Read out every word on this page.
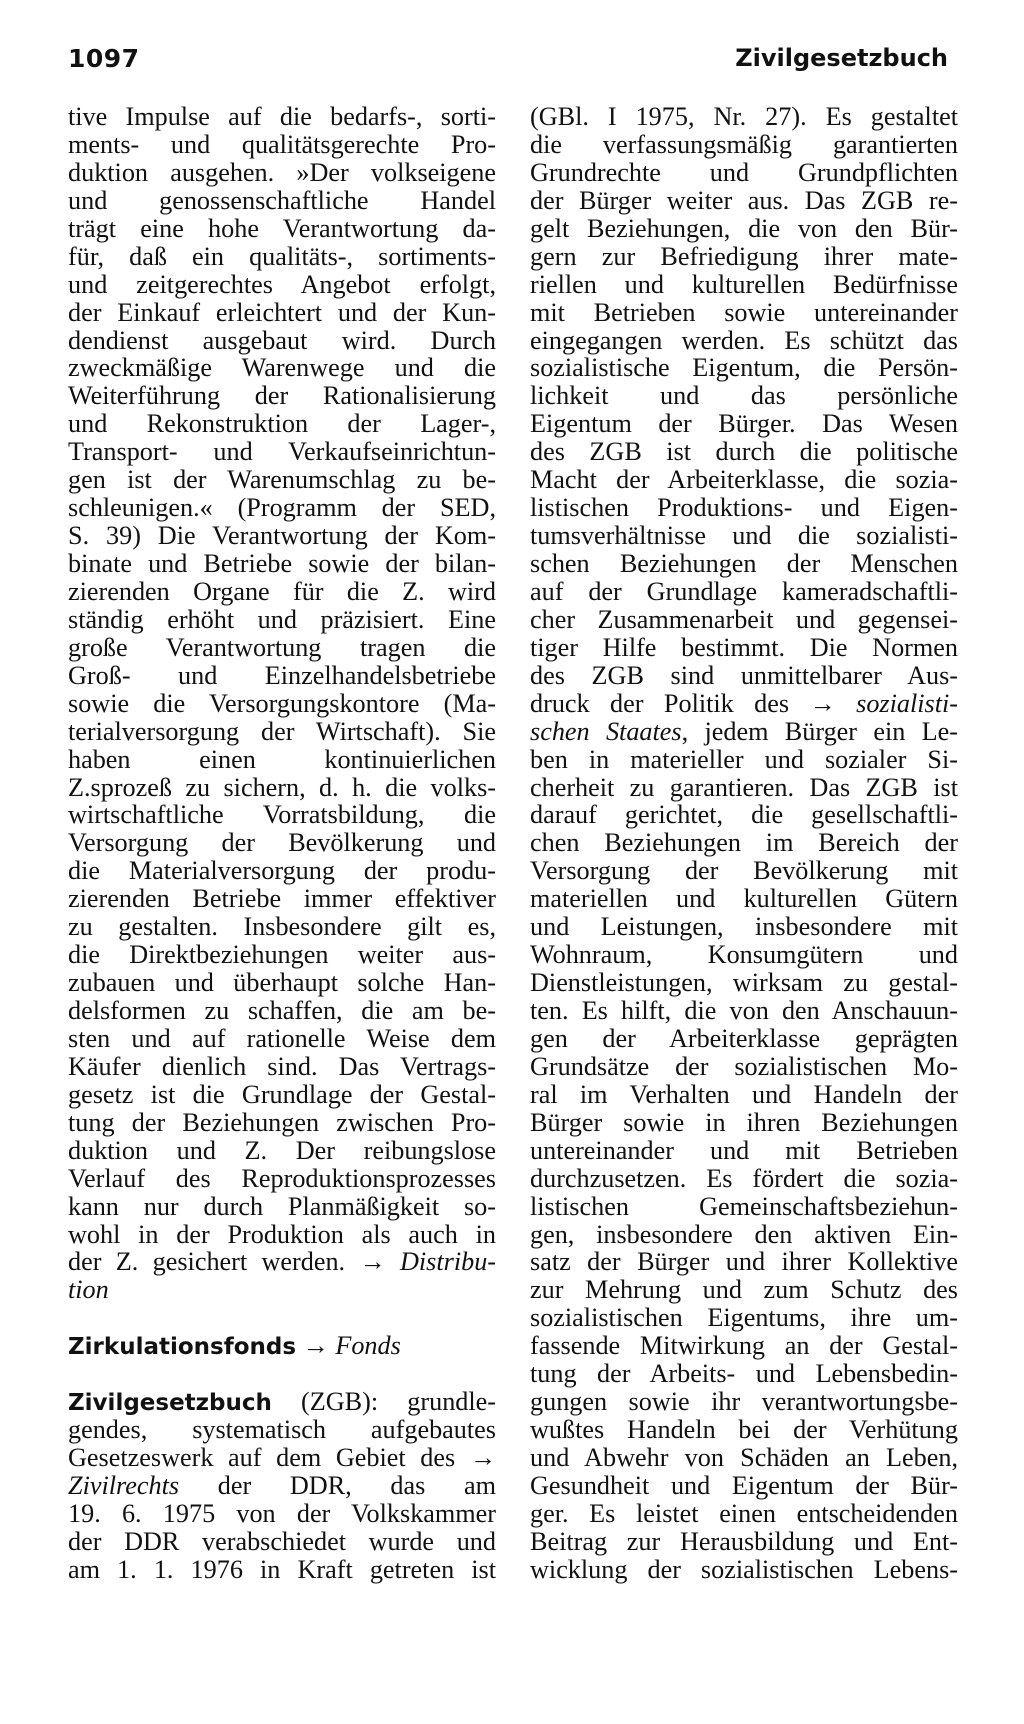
1097	Zivilgesetzbuch
tive Impulse auf die bedarfs-, sorti-
ments- und qualitätsgerechte Pro-
duktion ausgehen. »Der volkseigene
und genossenschaftliche Handel
trägt eine hohe Verantwortung da-
für, daß ein qualitäts-, sortiments-
und zeitgerechtes Angebot erfolgt,
der Einkauf erleichtert und der Kun-
dendienst ausgebaut wird. Durch
zweckmäßige Warenwege und die
Weiterführung der Rationalisierung
und Rekonstruktion der Lager-,
Transport- und Verkaufseinrichtun-
gen ist der Warenumschlag zu be-
schleunigen.« (Programm der SED,
S. 39) Die Verantwortung der Kom-
binate und Betriebe sowie der bilan-
zierenden Organe für die Z. wird
ständig erhöht und präzisiert. Eine
große Verantwortung tragen die
Groß- und Einzelhandelsbetriebe
sowie die Versorgungskontore (Ma-
terialversorgung der Wirtschaft). Sie
haben einen kontinuierlichen
Z.sprozeß zu sichern, d. h. die volks-
wirtschaftliche Vorratsbildung, die
Versorgung der Bevölkerung und
die Materialversorgung der produ-
zierenden Betriebe immer effektiver
zu gestalten. Insbesondere gilt es,
die Direktbeziehungen weiter aus-
zubauen und überhaupt solche Han-
delsformen zu schaffen, die am be-
sten und auf rationelle Weise dem
Käufer dienlich sind. Das Vertrags-
gesetz ist die Grundlage der Gestal-
tung der Beziehungen zwischen Pro-
duktion und Z. Der reibungslose
Verlauf des Reproduktionsprozesses
kann nur durch Planmäßigkeit so-
wohl in der Produktion als auch in
der Z. gesichert werden. → Distribu-
tion
Zirkulationsfonds → Fonds
Zivilgesetzbuch (ZGB): grundle-
gendes, systematisch aufgebautes
Gesetzeswerk auf dem Gebiet des →
Zivilrechts der DDR, das am
19. 6. 1975 von der Volkskammer
der DDR verabschiedet wurde und
am 1. 1. 1976 in Kraft getreten ist
(GBl. I 1975, Nr. 27). Es gestaltet
die verfassungsmäßig garantierten
Grundrechte und Grundpflichten
der Bürger weiter aus. Das ZGB re-
gelt Beziehungen, die von den Bür-
gern zur Befriedigung ihrer mate-
riellen und kulturellen Bedürfnisse
mit Betrieben sowie untereinander
eingegangen werden. Es schützt das
sozialistische Eigentum, die Persön-
lichkeit und das persönliche
Eigentum der Bürger. Das Wesen
des ZGB ist durch die politische
Macht der Arbeiterklasse, die sozia-
listischen Produktions- und Eigen-
tumsverhältnisse und die sozialisti-
schen Beziehungen der Menschen
auf der Grundlage kameradschaftli-
cher Zusammenarbeit und gegensei-
tiger Hilfe bestimmt. Die Normen
des ZGB sind unmittelbarer Aus-
druck der Politik des → sozialisti-
schen Staates, jedem Bürger ein Le-
ben in materieller und sozialer Si-
cherheit zu garantieren. Das ZGB ist
darauf gerichtet, die gesellschaftli-
chen Beziehungen im Bereich der
Versorgung der Bevölkerung mit
materiellen und kulturellen Gütern
und Leistungen, insbesondere mit
Wohnraum, Konsumgütern und
Dienstleistungen, wirksam zu gestal-
ten. Es hilft, die von den Anschauun-
gen der Arbeiterklasse geprägten
Grundsätze der sozialistischen Mo-
ral im Verhalten und Handeln der
Bürger sowie in ihren Beziehungen
untereinander und mit Betrieben
durchzusetzen. Es fördert die sozia-
listischen Gemeinschaftsbeziehun-
gen, insbesondere den aktiven Ein-
satz der Bürger und ihrer Kollektive
zur Mehrung und zum Schutz des
sozialistischen Eigentums, ihre um-
fassende Mitwirkung an der Gestal-
tung der Arbeits- und Lebensbedin-
gungen sowie ihr verantwortungsbe-
wußtes Handeln bei der Verhütung
und Abwehr von Schäden an Leben,
Gesundheit und Eigentum der Bür-
ger. Es leistet einen entscheidenden
Beitrag zur Herausbildung und Ent-
wicklung der sozialistischen Lebens-
